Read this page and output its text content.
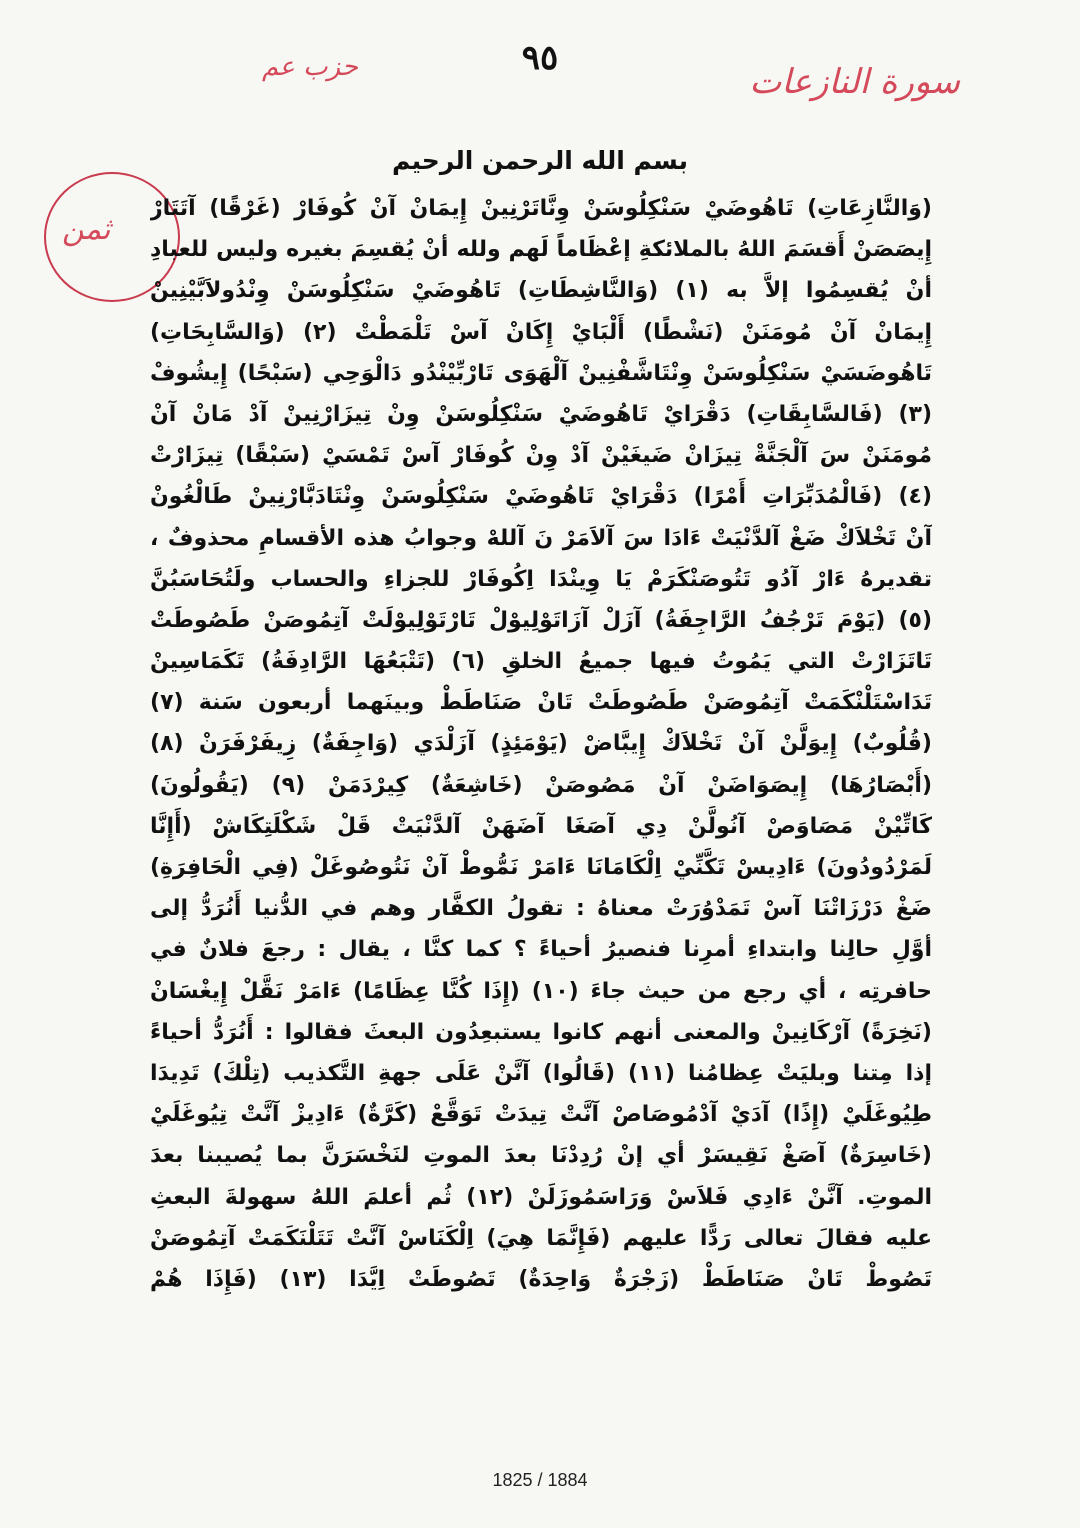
٩٥
حزب عم	سورة النازعات
ثمن
بسم الله الرحمن الرحيم
(وَالنَّازِعَاتِ) تَاهُوضَيْ سَنْكِلُوسَنْ وِنَّاتَرْنِينْ إِيمَانْ آنْ كُوفَارْ (غَرْقًا) آتَتَارْ
إِيصَصَنْ أَقسَمَ اللهُ بالملائكةِ إعْظَاماً لَهم ولله أنْ يُقسِمَ بغيره وليس للعبادِ
أنْ يُقسِمُوا إلاَّ به (١) (وَالنَّاشِطَاتِ) تَاهُوضَيْ سَنْكِلُوسَنْ وِنْدُولاَبَّيْنِينْ
إِيمَانْ آنْ مُومَنَنْ (نَشْطًا) أَلْبَايْ إِكَانْ آسْ تَلْمَطْتْ (٢) (وَالسَّابِحَاتِ)
تَاهُوضَسَيْ سَنْكِلُوسَنْ وِنْتَاشَّفْنِينْ آلْهَوَى تَارْبِّيْنْدُو دَالْوَحِي (سَبْحًا) إِيشُوفْ
(٣) (فَالسَّابِقَاتِ) دَقْرَايْ تَاهُوضَيْ سَنْكِلُوسَنْ وِنْ تِيزَارْنِينْ آدْ مَانْ آنْ
مُومَنَنْ سَ آلْجَنَّةْ تِيزَانْ ضَيغَيْنْ آدْ وِنْ كُوفَارْ آسْ تَمْسَيْ (سَبْقًا) تِيزَارْتْ
(٤) (فَالْمُدَبِّرَاتِ أَمْرًا) دَقْرَايْ تَاهُوضَيْ سَنْكِلُوسَنْ وِنْتَادَبَّارْنِينْ طَالْغُونْ
آنْ تَخْلاَكْ ضَغْ آلدَّنْيَتْ ءَادَا سَ آلاَمَرْ نَ آللهْ وجوابُ هذه الأقسامِ محذوفٌ ،
تقديرهُ ءَارْ آدُو تَتُوصَنْكَرَمْ يَا وِينْدَا اِكُوفَارْ للجزاءِ والحساب ولَتُحَاسَبُنَّ
(٥) (يَوْمَ تَرْجُفُ الرَّاجِفَةُ) آزَلْ آزَاتَوْلِيوْلْ تَارْتَوْلِيوْلَتْ آتِمُوصَنْ طَصُوطَتْ
تَاتَزَارْتْ التي يَمُوتُ فيها جميعُ الخلقِ (٦) (تَتْبَعُهَا الرَّادِفَةُ) تَكَمَاسِينْ
تَدَاسْتَلْنْكَمَتْ آتِمُوصَنْ طَصُوطَتْ تَانْ صَنَاطَطْ وبينَهما أربعون سَنة (٧)
(قُلُوبٌ) إِيوَلَّنْ آنْ تَخْلاَكْ إِيبَّاضْ (يَوْمَئِذٍ) آزَلْدَي (وَاجِفَةٌ) زِيفَرْفَرَنْ (٨)
(أَبْصَارُهَا) إِيصَوَاضَنْ آنْ مَصُوصَنْ (خَاشِعَةٌ) كِيرْدَمَنْ (٩) (يَقُولُونَ)
كَاتِّيْنْ مَصَاوَصْ آنُولَّنْ دِي آصَغَا آضَهَنْ آلدَّنْيَتْ قَلْ شَكْلَتِكَاشْ (أَإِنَّا
لَمَرْدُودُونَ) ءَادِيسْ تَكَّنِّيْ اِلْكَامَانَا ءَامَرْ نَمُّوطْ آنْ نَتُوصُوغَلْ (فِي الْحَافِرَةِ)
ضَغْ دَرْزَاتْنَا آسْ تَمَدْوُرَتْ معناهُ : تقولُ الكفَّار وهم في الدُّنيا أَنُرَدُّ إلى
أوَّلِ حالِنا وابتداءِ أمرِنا فنصيرُ أحياءً ؟ كما كنَّا ، يقال : رجعَ فلانٌ في
حافرتِه ، أي رجع من حيث جاءَ (١٠) (إِذَا كُنَّا عِظَامًا) ءَامَرْ نَقَّلْ إِيغْسَانْ
(نَخِرَةً) آرْكَانِينْ والمعنى أنهم كانوا يستبعِدُون البعثَ فقالوا : أَنُرَدُّ أحياءً
إذا مِتنا وبليَتْ عِظامُنا (١١) (قَالُوا) آنَّنْ عَلَى جهةِ التَّكذيب (تِلْكَ) تَدِيدَا
طِيُوغَلَيْ (إِذًا) آدَيْ آدْمُوصَاصْ آنَّتْ تِيدَتْ تَوَقَّعْ (كَرَّةٌ) ءَادِيزْ آنَّتْ تِيُوغَلَيْ
(خَاسِرَةٌ) آصَغْ نَقِيسَرْ أي إنْ رُدِدْنَا بعدَ الموتِ لنَخْسَرَنَّ بما يُصيبنا بعدَ
الموتِ. آنَّنْ ءَادِي فَلاَسْ وَرَاسَمُوزَلَنْ (١٢) ثُم أعلمَ اللهُ سهولةَ البعثِ
عليه فقالَ تعالى رَدًّا عليهم (فَإِنَّمَا هِيَ) اِلْكَنَاسْ آنَّتْ تَتَلْنَكَمَتْ آتِمُوصَنْ
تَصُوطْ تَانْ صَنَاطَطْ (زَجْرَةٌ وَاحِدَةٌ) تَصُوطَتْ اِيَّدَا (١٣) (فَإِذَا هُمْ
1825 / 1884
